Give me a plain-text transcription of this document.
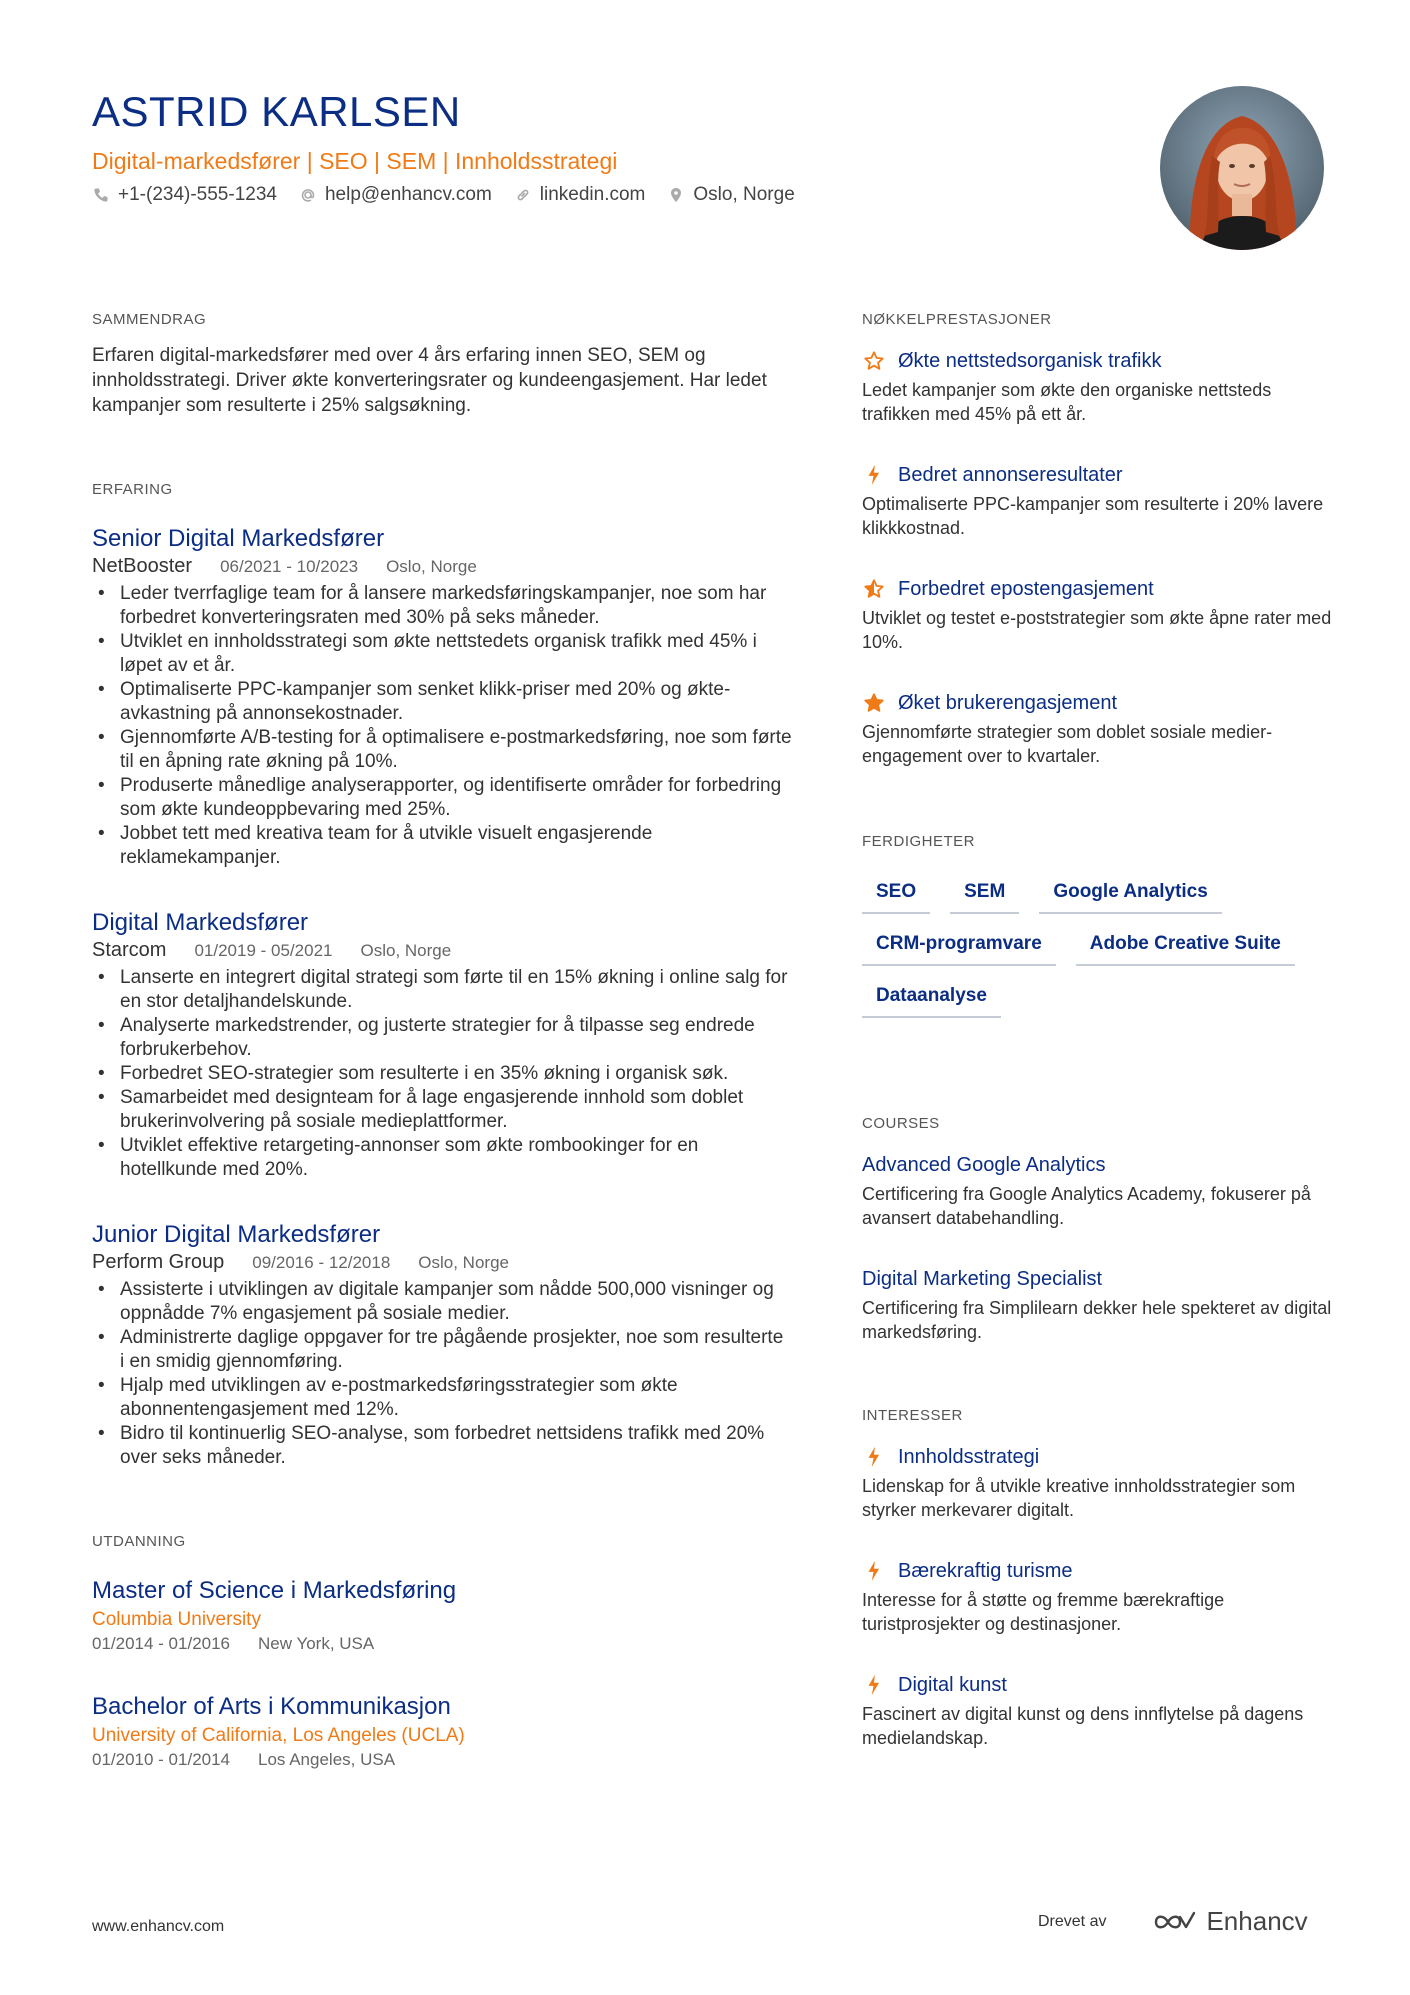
ASTRID KARLSEN
Digital-markedsfører | SEO | SEM | Innholdsstrategi
+1-(234)-555-1234	help@enhancv.com	linkedin.com	Oslo, Norge
SAMMENDRAG
Erfaren digital-markedsfører med over 4 års erfaring innen SEO, SEM og innholdsstrategi. Driver økte konverteringsrater og kundeengasjement. Har ledet kampanjer som resulterte i 25% salgsøkning.
ERFARING
Senior Digital Markedsfører
NetBooster 06/2021 - 10/2023 Oslo, Norge
• Leder tverrfaglige team for å lansere markedsføringskampanjer, noe som har forbedret konverteringsraten med 30% på seks måneder.
• Utviklet en innholdsstrategi som økte nettstedets organisk trafikk med 45% i løpet av et år.
• Optimaliserte PPC-kampanjer som senket klikk-priser med 20% og økte-avkastning på annonsekostnader.
• Gjennomførte A/B-testing for å optimalisere e-postmarkedsføring, noe som førte til en åpning rate økning på 10%.
• Produserte månedlige analyserapporter, og identifiserte områder for forbedring som økte kundeoppbevaring med 25%.
• Jobbet tett med kreativa team for å utvikle visuelt engasjerende reklamekampanjer.
Digital Markedsfører
Starcom 01/2019 - 05/2021 Oslo, Norge
• Lanserte en integrert digital strategi som førte til en 15% økning i online salg for en stor detaljhandelskunde.
• Analyserte markedstrender, og justerte strategier for å tilpasse seg endrede forbrukerbehov.
• Forbedret SEO-strategier som resulterte i en 35% økning i organisk søk.
• Samarbeidet med designteam for å lage engasjerende innhold som doblet brukerinvolvering på sosiale medieplattformer.
• Utviklet effektive retargeting-annonser som økte rombookinger for en hotellkunde med 20%.
Junior Digital Markedsfører
Perform Group 09/2016 - 12/2018 Oslo, Norge
• Assisterte i utviklingen av digitale kampanjer som nådde 500,000 visninger og oppnådde 7% engasjement på sosiale medier.
• Administrerte daglige oppgaver for tre pågående prosjekter, noe som resulterte i en smidig gjennomføring.
• Hjalp med utviklingen av e-postmarkedsføringsstrategier som økte abonnentengasjement med 12%.
• Bidro til kontinuerlig SEO-analyse, som forbedret nettsidens trafikk med 20% over seks måneder.
UTDANNING
Master of Science i Markedsføring
Columbia University
01/2014 - 01/2016 New York, USA
Bachelor of Arts i Kommunikasjon
University of California, Los Angeles (UCLA)
01/2010 - 01/2014 Los Angeles, USA
NØKKELPRESTASJONER
Økte nettstedsorganisk trafikk
Ledet kampanjer som økte den organiske nettsteds trafikken med 45% på ett år.
Bedret annonseresultater
Optimaliserte PPC-kampanjer som resulterte i 20% lavere klikkkostnad.
Forbedret epostengasjement
Utviklet og testet e-poststrategier som økte åpne rater med 10%.
Øket brukerengasjement
Gjennomførte strategier som doblet sosiale medier-engagement over to kvartaler.
FERDIGHETER
SEO	SEM	Google Analytics
CRM-programvare	Adobe Creative Suite
Dataanalyse
COURSES
Advanced Google Analytics
Certificering fra Google Analytics Academy, fokuserer på avansert databehandling.
Digital Marketing Specialist
Certificering fra Simplilearn dekker hele spekteret av digital markedsføring.
INTERESSER
Innholdsstrategi
Lidenskap for å utvikle kreative innholdsstrategier som styrker merkevarer digitalt.
Bærekraftig turisme
Interesse for å støtte og fremme bærekraftige turistprosjekter og destinasjoner.
Digital kunst
Fascinert av digital kunst og dens innflytelse på dagens medielandskap.
www.enhancv.com	Drevet av	Enhancv
